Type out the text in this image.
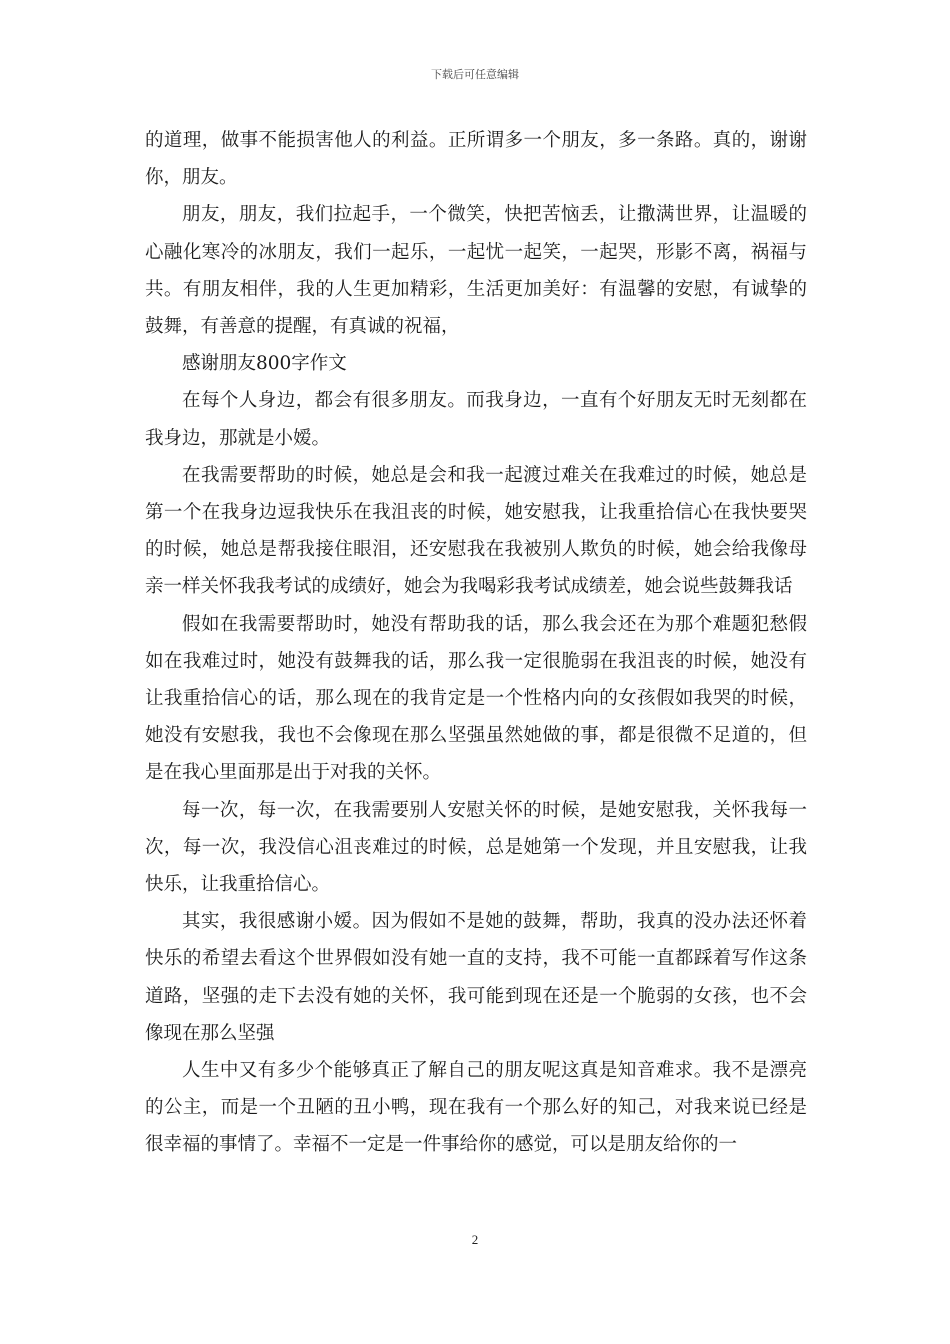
下载后可任意编辑

的道理，做事不能损害他人的利益。正所谓多一个朋友，多一条路。真的，谢谢你，朋友。

朋友，朋友，我们拉起手，一个微笑，快把苦恼丢，让撒满世界，让温暖的心融化寒冷的冰朋友，我们一起乐，一起忧一起笑，一起哭，形影不离，祸福与共。有朋友相伴，我的人生更加精彩，生活更加美好：有温馨的安慰，有诚挚的鼓舞，有善意的提醒，有真诚的祝福，

感谢朋友800字作文

在每个人身边，都会有很多朋友。而我身边，一直有个好朋友无时无刻都在我身边，那就是小嫒。

在我需要帮助的时候，她总是会和我一起渡过难关在我难过的时候，她总是第一个在我身边逗我快乐在我沮丧的时候，她安慰我，让我重拾信心在我快要哭的时候，她总是帮我接住眼泪，还安慰我在我被别人欺负的时候，她会给我像母亲一样关怀我我考试的成绩好，她会为我喝彩我考试成绩差，她会说些鼓舞我话

假如在我需要帮助时，她没有帮助我的话，那么我会还在为那个难题犯愁假如在我难过时，她没有鼓舞我的话，那么我一定很脆弱在我沮丧的时候，她没有让我重拾信心的话，那么现在的我肯定是一个性格内向的女孩假如我哭的时候，她没有安慰我，我也不会像现在那么坚强虽然她做的事，都是很微不足道的，但是在我心里面那是出于对我的关怀。

每一次，每一次，在我需要别人安慰关怀的时候，是她安慰我，关怀我每一次，每一次，我没信心沮丧难过的时候，总是她第一个发现，并且安慰我，让我快乐，让我重拾信心。

其实，我很感谢小嫒。因为假如不是她的鼓舞，帮助，我真的没办法还怀着快乐的希望去看这个世界假如没有她一直的支持，我不可能一直都踩着写作这条道路，坚强的走下去没有她的关怀，我可能到现在还是一个脆弱的女孩，也不会像现在那么坚强

人生中又有多少个能够真正了解自己的朋友呢这真是知音难求。我不是漂亮的公主，而是一个丑陋的丑小鸭，现在我有一个那么好的知己，对我来说已经是很幸福的事情了。幸福不一定是一件事给你的感觉，可以是朋友给你的一

2
